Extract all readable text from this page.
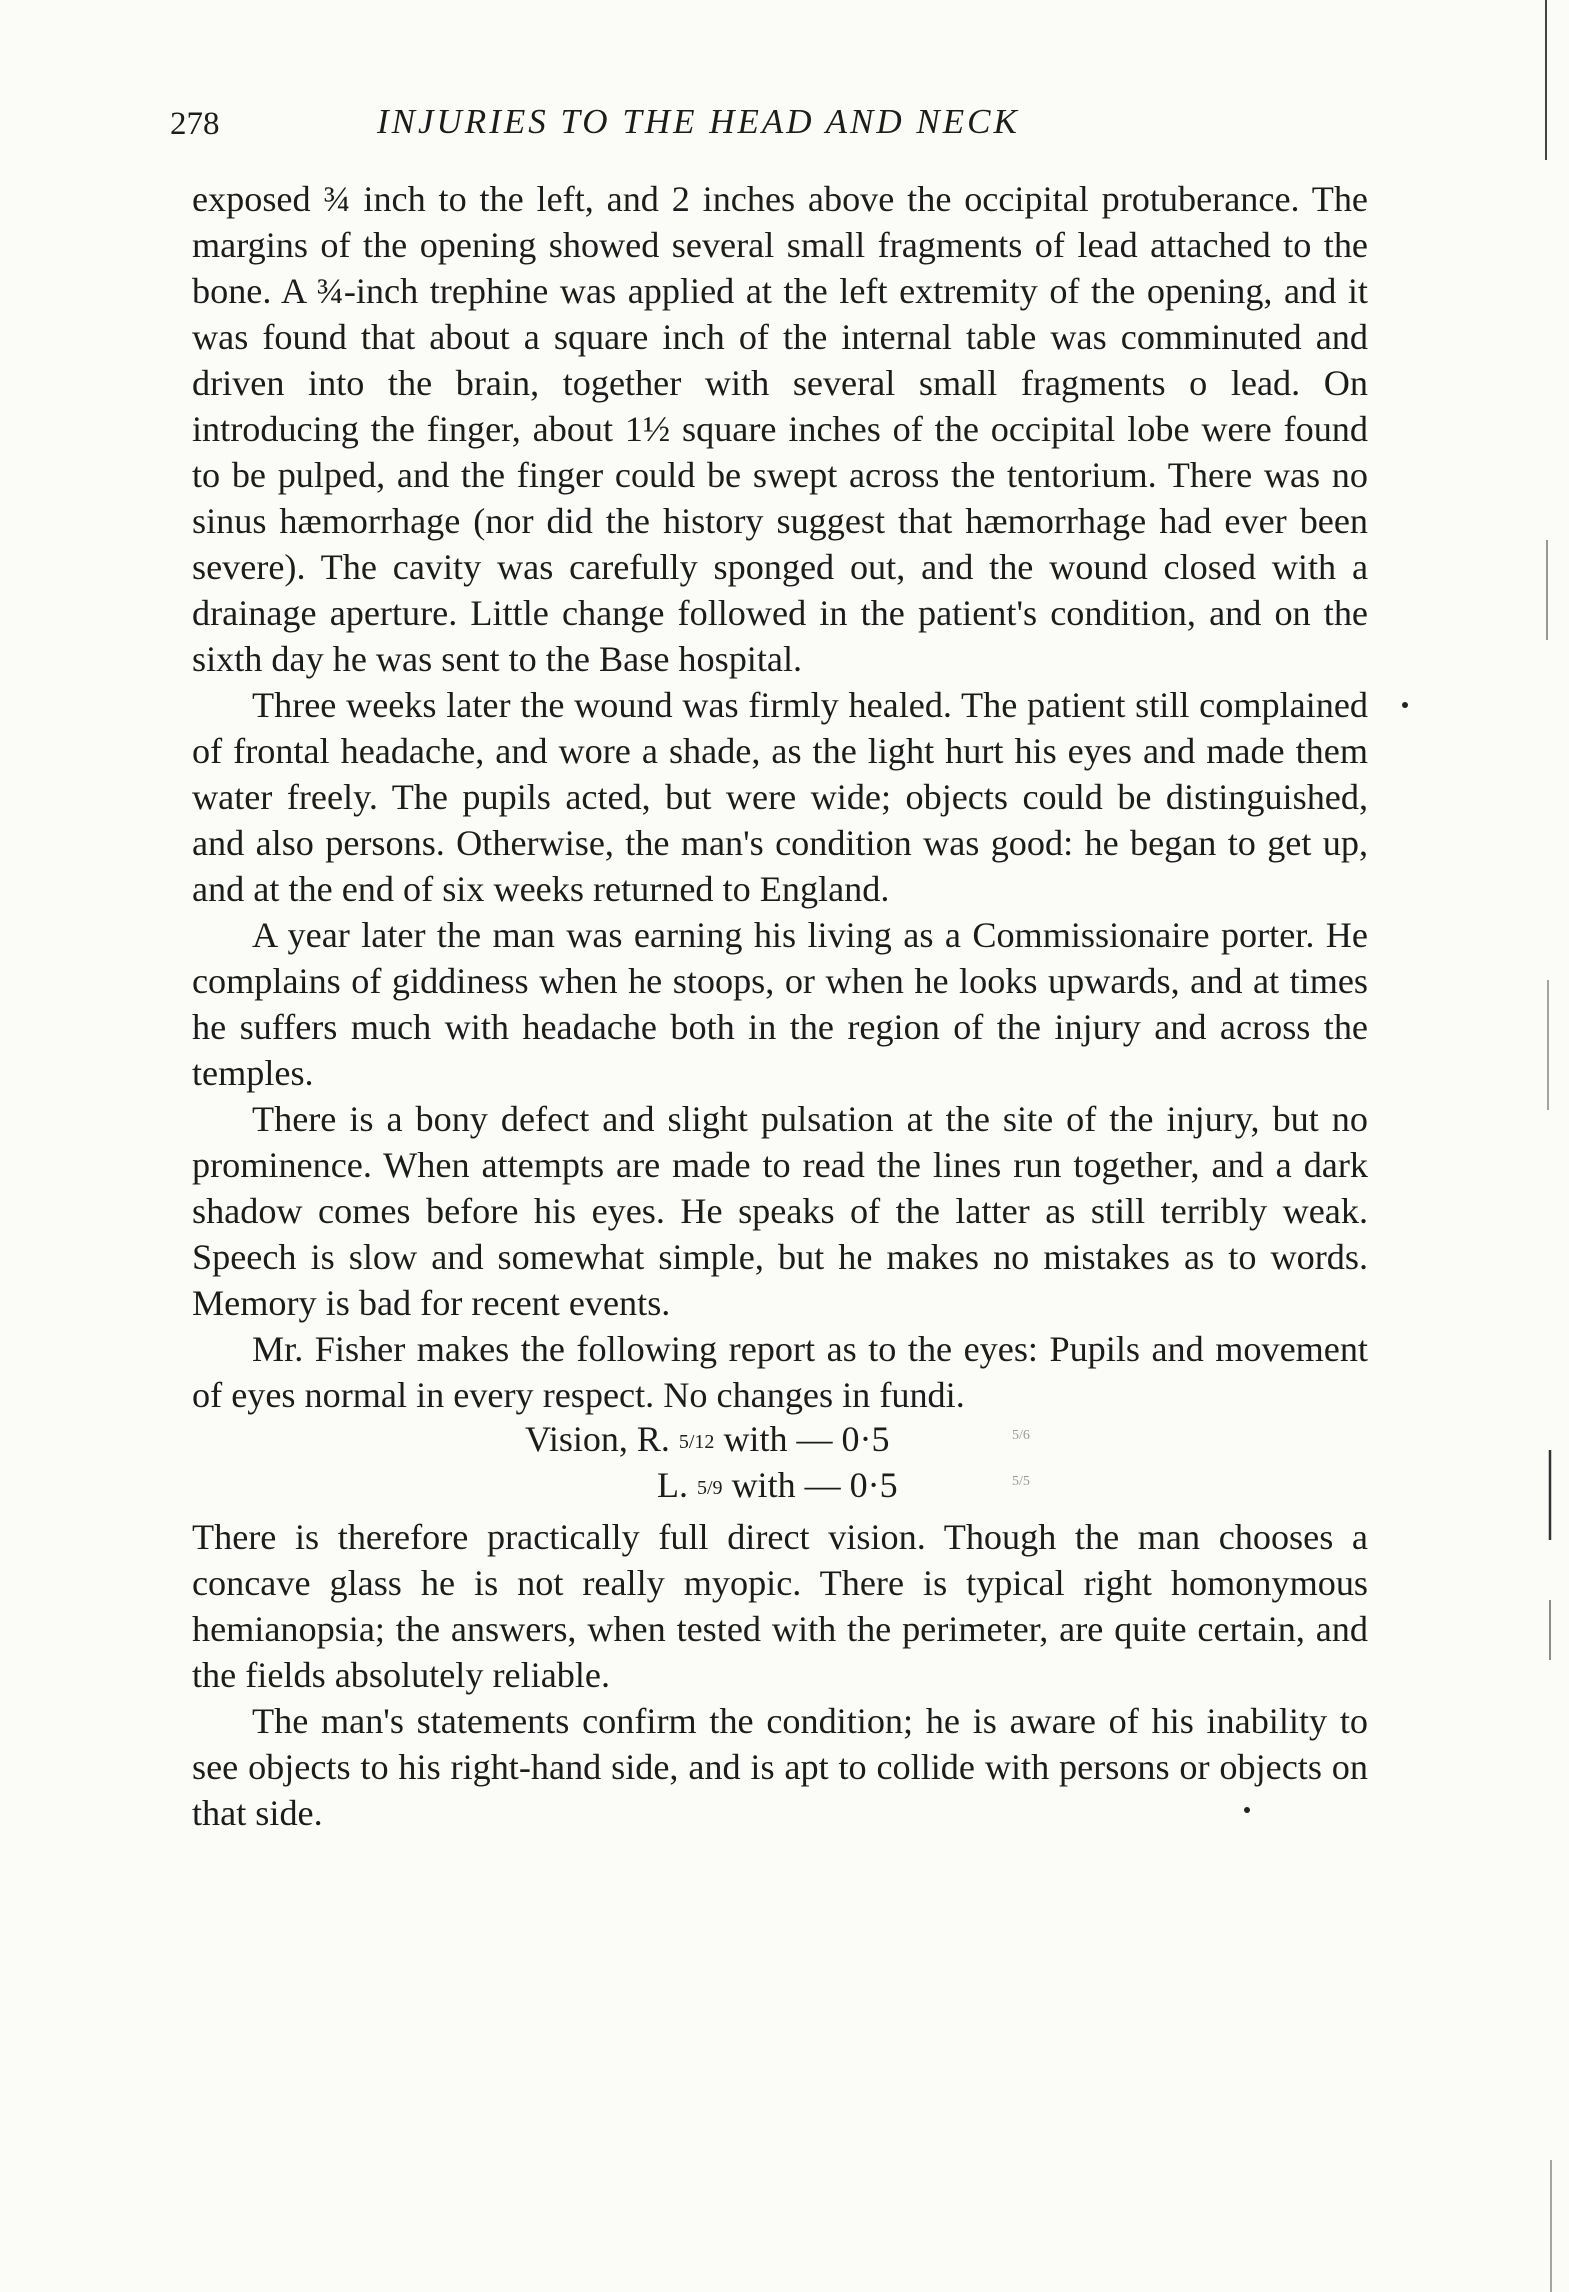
278	INJURIES TO THE HEAD AND NECK

exposed ¾ inch to the left, and 2 inches above the occipital protuberance. The margins of the opening showed several small fragments of lead attached to the bone. A ¾-inch trephine was applied at the left extremity of the opening, and it was found that about a square inch of the internal table was comminuted and driven into the brain, together with several small fragments o lead. On introducing the finger, about 1½ square inches of the occipital lobe were found to be pulped, and the finger could be swept across the tentorium. There was no sinus hæmorrhage (nor did the history suggest that hæmorrhage had ever been severe). The cavity was carefully sponged out, and the wound closed with a drainage aperture. Little change followed in the patient's condition, and on the sixth day he was sent to the Base hospital.

Three weeks later the wound was firmly healed. The patient still complained of frontal headache, and wore a shade, as the light hurt his eyes and made them water freely. The pupils acted, but were wide; objects could be distinguished, and also persons. Otherwise, the man's condition was good: he began to get up, and at the end of six weeks returned to England.

A year later the man was earning his living as a Commissionaire porter. He complains of giddiness when he stoops, or when he looks upwards, and at times he suffers much with headache both in the region of the injury and across the temples.

There is a bony defect and slight pulsation at the site of the injury, but no prominence. When attempts are made to read the lines run together, and a dark shadow comes before his eyes. He speaks of the latter as still terribly weak. Speech is slow and somewhat simple, but he makes no mistakes as to words. Memory is bad for recent events.

Mr. Fisher makes the following report as to the eyes: Pupils and movement of eyes normal in every respect. No changes in fundi.

Vision, R. 5/12 with — 0·5	5/6
L. 5/9 with — 0·5	5/5

There is therefore practically full direct vision. Though the man chooses a concave glass he is not really myopic. There is typical right homonymous hemianopsia; the answers, when tested with the perimeter, are quite certain, and the fields absolutely reliable.

The man's statements confirm the condition; he is aware of his inability to see objects to his right-hand side, and is apt to collide with persons or objects on that side.
